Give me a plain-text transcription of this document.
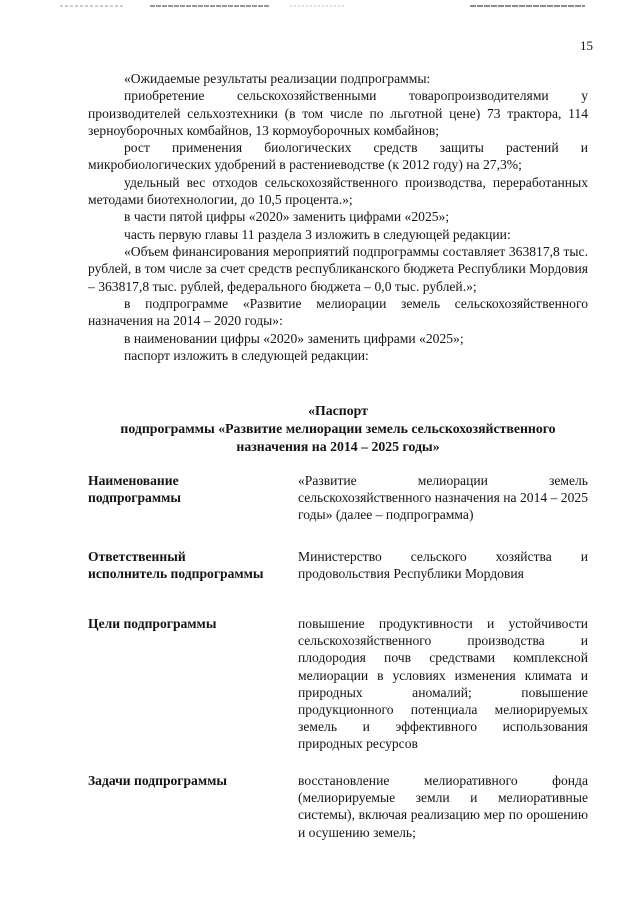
15

«Ожидаемые результаты реализации подпрограммы:

приобретение сельскохозяйственными товаропроизводителями у производителей сельхозтехники (в том числе по льготной цене) 73 трактора, 114 зерноуборочных комбайнов, 13 кормоуборочных комбайнов;

рост применения биологических средств защиты растений и микробиологических удобрений в растениеводстве (к 2012 году) на 27,3%;

удельный вес отходов сельскохозяйственного производства, переработанных методами биотехнологии, до 10,5 процента.»;

в части пятой цифры «2020» заменить цифрами «2025»;

часть первую главы 11 раздела 3 изложить в следующей редакции:

«Объем финансирования мероприятий подпрограммы составляет 363817,8 тыс. рублей, в том числе за счет средств республиканского бюджета Республики Мордовия – 363817,8 тыс. рублей, федерального бюджета – 0,0 тыс. рублей.»;

в подпрограмме «Развитие мелиорации земель сельскохозяйственного назначения на 2014 – 2020 годы»:

в наименовании цифры «2020» заменить цифрами «2025»;

паспорт изложить в следующей редакции:

«Паспорт
подпрограммы «Развитие мелиорации земель сельскохозяйственного
назначения на 2014 – 2025 годы»
Наименование подпрограммы
«Развитие мелиорации земель сельскохозяйственного назначения на 2014 – 2025 годы» (далее – подпрограмма)
Ответственный исполнитель подпрограммы
Министерство сельского хозяйства и продовольствия Республики Мордовия
Цели подпрограммы	повышение продуктивности и устойчивости сельскохозяйственного производства и плодородия почв средствами комплексной мелиорации в условиях изменения климата и природных аномалий; повышение продукционного потенциала мелиорируемых земель и эффективного использования природных ресурсов
Задачи подпрограммы	восстановление мелиоративного фонда (мелиорируемые земли и мелиоративные системы), включая реализацию мер по орошению и осушению земель;
